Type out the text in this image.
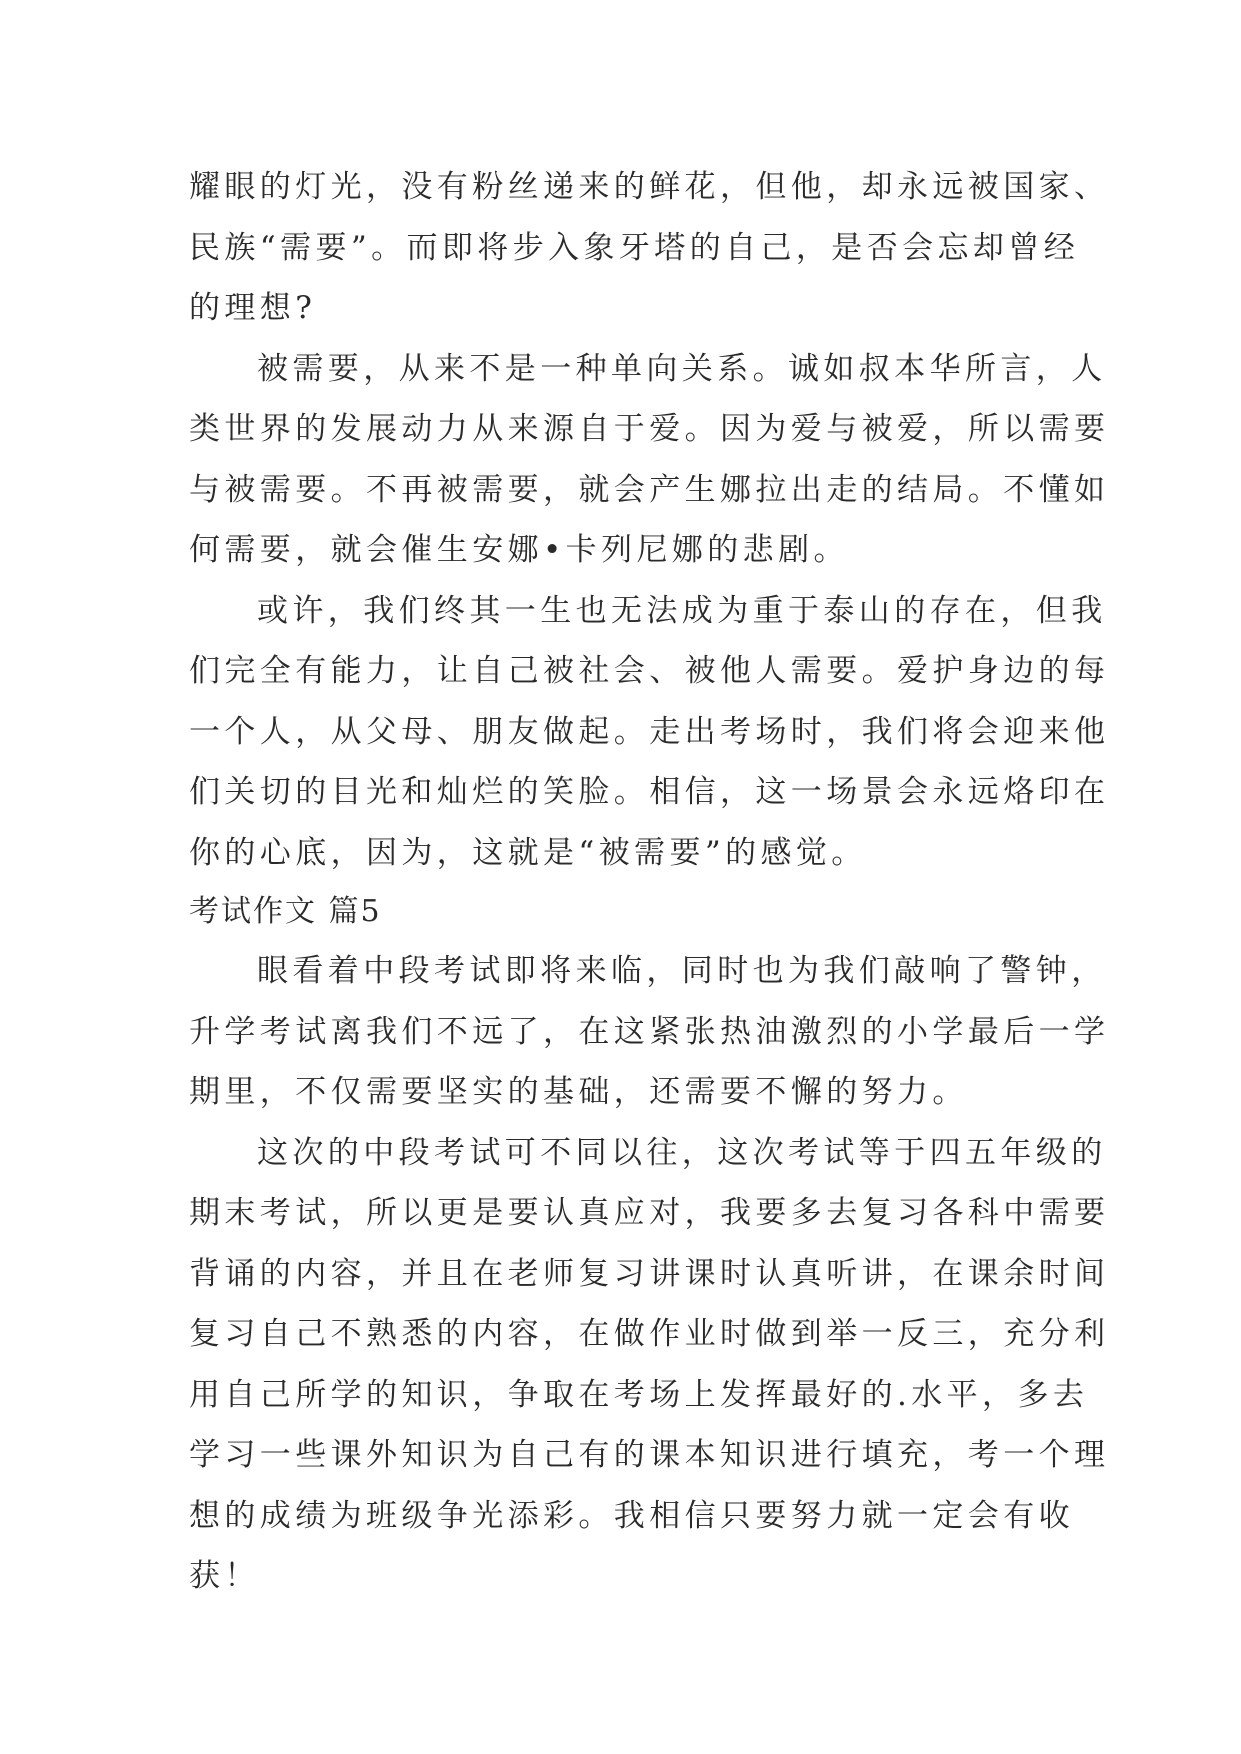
耀眼的灯光，没有粉丝递来的鲜花，但他，却永远被国家、
民族“需要”。而即将步入象牙塔的自己，是否会忘却曾经
的理想?
被需要，从来不是一种单向关系。诚如叔本华所言，人
类世界的发展动力从来源自于爱。因为爱与被爱，所以需要
与被需要。不再被需要，就会产生娜拉出走的结局。不懂如
何需要，就会催生安娜•卡列尼娜的悲剧。
或许，我们终其一生也无法成为重于泰山的存在，但我
们完全有能力，让自己被社会、被他人需要。爱护身边的每
一个人，从父母、朋友做起。走出考场时，我们将会迎来他
们关切的目光和灿烂的笑脸。相信，这一场景会永远烙印在
你的心底，因为，这就是“被需要”的感觉。
考试作文 篇5
眼看着中段考试即将来临，同时也为我们敲响了警钟，
升学考试离我们不远了，在这紧张热油激烈的小学最后一学
期里，不仅需要坚实的基础，还需要不懈的努力。
这次的中段考试可不同以往，这次考试等于四五年级的
期末考试，所以更是要认真应对，我要多去复习各科中需要
背诵的内容，并且在老师复习讲课时认真听讲，在课余时间
复习自己不熟悉的内容，在做作业时做到举一反三，充分利
用自己所学的知识，争取在考场上发挥最好的.水平，多去
学习一些课外知识为自己有的课本知识进行填充，考一个理
想的成绩为班级争光添彩。我相信只要努力就一定会有收
获！
